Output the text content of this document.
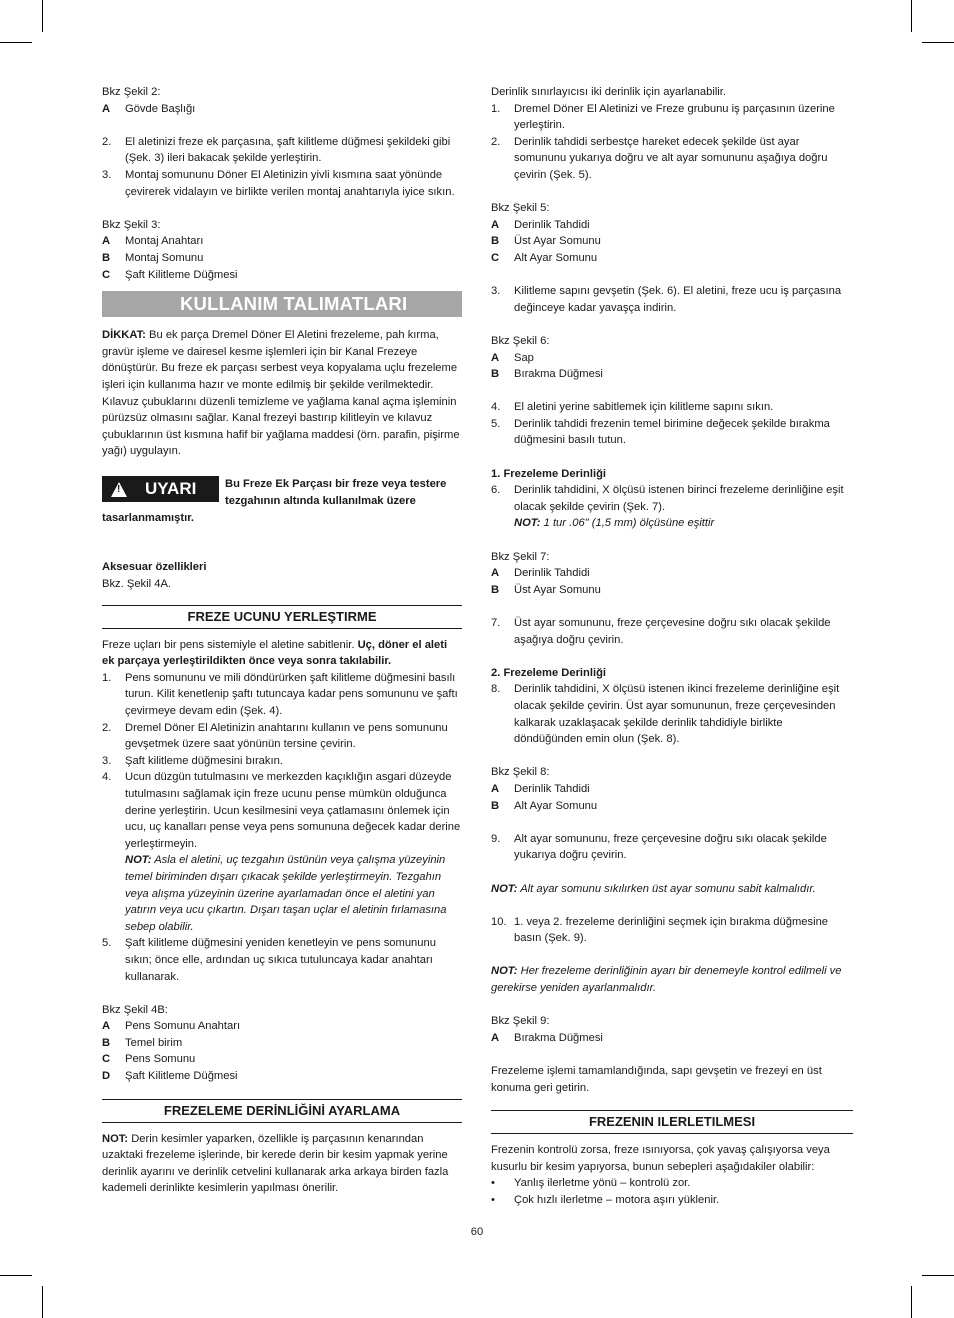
Bkz Şekil 2:

A	Gövde Başlığı
2.	El aletinizi freze ek parçasına, şaft kilitleme düğmesi şekildeki gibi (Şek. 3) ileri bakacak şekilde yerleştirin.
3.	Montaj somununu Döner El Aletinizin yivli kısmına saat yönünde çevirerek vidalayın ve birlikte verilen montaj anahtarıyla iyice sıkın.

Bkz Şekil 3:

A	Montaj Anahtarı
B	Montaj Somunu
C	Şaft Kilitleme Düğmesi
KULLANIM TALIMATLARI

DİKKAT: Bu ek parça Dremel Döner El Aletini frezeleme, pah kırma, gravür işleme ve dairesel kesme işlemleri için bir Kanal Frezeye dönüştürür. Bu freze ek parçası serbest veya kopyalama uçlu frezeleme işleri için kullanıma hazır ve monte edilmiş bir şekilde verilmektedir.

Kılavuz çubuklarını düzenli temizleme ve yağlama kanal açma işleminin pürüzsüz olmasını sağlar. Kanal frezeyi bastırıp kilitleyin ve kılavuz çubuklarının üst kısmına hafif bir yağlama maddesi (örn. parafin, pişirme yağı) uygulayın.

!
UYARI	Bu Freze Ek Parçası bir freze veya testere tezgahının altında kullanılmak üzere tasarlanmamıştır.

Aksesuar özellikleri

Bkz. Şekil 4A.

FREZE UCUNU YERLEŞTIRME

Freze uçları bir pens sistemiyle el aletine sabitlenir. Uç, döner el aleti ek parçaya yerleştirildikten önce veya sonra takılabilir.

1.	Pens somununu ve mili döndürürken şaft kilitleme düğmesini basılı turun. Kilit kenetlenip şaftı tutuncaya kadar pens somununu ve şaftı çevirmeye devam edin (Şek. 4).
2.	Dremel Döner El Aletinizin anahtarını kullanın ve pens somununu gevşetmek üzere saat yönünün tersine çevirin.
3.	Şaft kilitleme düğmesini bırakın.
4.	Ucun düzgün tutulmasını ve merkezden kaçıklığın asgari düzeyde tutulmasını sağlamak için freze ucunu pense mümkün olduğunca derine yerleştirin. Ucun kesilmesini veya çatlamasını önlemek için ucu, uç kanalları pense veya pens somununa değecek kadar derine yerleştirmeyin.

NOT: Asla el aletini, uç tezgahın üstünün veya çalışma yüzeyinin temel biriminden dışarı çıkacak şekilde yerleştirmeyin. Tezgahın veya alışma yüzeyinin üzerine ayarlamadan önce el aletini yan yatırın veya ucu çıkartın. Dışarı taşan uçlar el aletinin fırlamasına sebep olabilir.

5.	Şaft kilitleme düğmesini yeniden kenetleyin ve pens somununu sıkın; önce elle, ardından uç sıkıca tutuluncaya kadar anahtarı kullanarak.

Bkz Şekil 4B:

A	Pens Somunu Anahtarı
B	Temel birim
C	Pens Somunu
D	Şaft Kilitleme Düğmesi
FREZELEME DERİNLİĞİNİ AYARLAMA

NOT: Derin kesimler yaparken, özellikle iş parçasının kenarından uzaktaki frezeleme işlerinde, bir kerede derin bir kesim yapmak yerine derinlik ayarını ve derinlik cetvelini kullanarak arka arkaya birden fazla kademeli derinlikte kesimlerin yapılması önerilir.

Derinlik sınırlayıcısı iki derinlik için ayarlanabilir.

1.	Dremel Döner El Aletinizi ve Freze grubunu iş parçasının üzerine yerleştirin.
2.	Derinlik tahdidi serbestçe hareket edecek şekilde üst ayar somununu yukarıya doğru ve alt ayar somununu aşağıya doğru çevirin (Şek. 5).

Bkz Şekil 5:

A	Derinlik Tahdidi
B	Üst Ayar Somunu
C	Alt Ayar Somunu
3.	Kilitleme sapını gevşetin (Şek. 6). El aletini, freze ucu iş parçasına değinceye kadar yavaşça indirin.

Bkz Şekil 6:

A	Sap
B	Bırakma Düğmesi
4.	El aletini yerine sabitlemek için kilitleme sapını sıkın.
5.	Derinlik tahdidi frezenin temel birimine değecek şekilde bırakma düğmesini basılı tutun.

1. Frezeleme Derinliği

6.	Derinlik tahdidini, X ölçüsü istenen birinci frezeleme derinliğine eşit olacak şekilde çevirin (Şek. 7).

NOT: 1 tur .06" (1,5 mm) ölçüsüne eşittir

Bkz Şekil 7:

A	Derinlik Tahdidi
B	Üst Ayar Somunu
7.	Üst ayar somununu, freze çerçevesine doğru sıkı olacak şekilde aşağıya doğru çevirin.

2. Frezeleme Derinliği

8.	Derinlik tahdidini, X ölçüsü istenen ikinci frezeleme derinliğine eşit olacak şekilde çevirin. Üst ayar somununun, freze çerçevesinden kalkarak uzaklaşacak şekilde derinlik tahdidiyle birlikte döndüğünden emin olun (Şek. 8).

Bkz Şekil 8:

A	Derinlik Tahdidi
B	Alt Ayar Somunu
9.	Alt ayar somununu, freze çerçevesine doğru sıkı olacak şekilde yukarıya doğru çevirin.

NOT: Alt ayar somunu sıkılırken üst ayar somunu sabit kalmalıdır.

10. 1. veya 2. frezeleme derinliğini seçmek için bırakma düğmesine basın (Şek. 9).

NOT: Her frezeleme derinliğinin ayarı bir denemeyle kontrol edilmeli ve gerekirse yeniden ayarlanmalıdır.

Bkz Şekil 9:

A	Bırakma Düğmesi

Frezeleme işlemi tamamlandığında, sapı gevşetin ve frezeyi en üst konuma geri getirin.

FREZENIN ILERLETILMESI

Frezenin kontrolü zorsa, freze ısınıyorsa, çok yavaş çalışıyorsa veya kusurlu bir kesim yapıyorsa, bunun sebepleri aşağıdakiler olabilir:

•	Yanlış ilerletme yönü – kontrolü zor.
•	Çok hızlı ilerletme – motora aşırı yüklenir.
60
